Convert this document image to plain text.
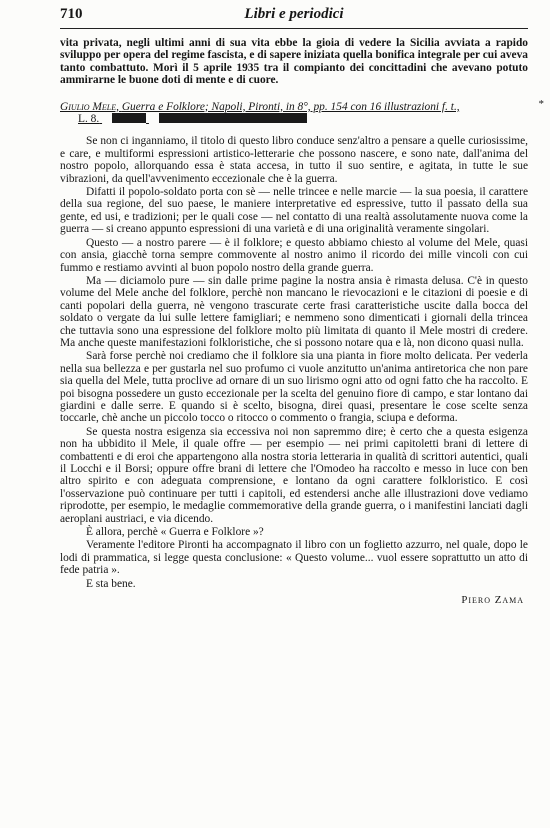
710	Libri e periodici

vita privata, negli ultimi anni di sua vita ebbe la gioia di vedere la Sicilia avviata a rapido sviluppo per opera del regime fascista, e di sapere iniziata quella bonifica integrale per cui aveva tanto combattuto. Morì il 5 aprile 1935 tra il compianto dei concittadini che avevano potuto ammirarne le buone doti di mente e di cuore.

*
Giulio Mele, Guerra e Folklore; Napoli, Pironti, in 8°, pp. 154 con 16 illustrazioni f. t.,
L. 8.

Se non ci inganniamo, il titolo di questo libro conduce senz'altro a pensare a quelle curiosissime, e care, e multiformi espressioni artistico-letterarie che possono nascere, e sono nate, dall'anima del nostro popolo, allorquando essa è stata accesa, in tutto il suo sentire, e agitata, in tutte le sue vibrazioni, da quell'avvenimento eccezionale che è la guerra.

Difatti il popolo-soldato porta con sè — nelle trincee e nelle marcie — la sua poesia, il carattere della sua regione, del suo paese, le maniere interpretative ed espressive, tutto il passato della sua gente, ed usi, e tradizioni; per le quali cose — nel contatto di una realtà assolutamente nuova come la guerra — si creano appunto espressioni di una varietà e di una originalità veramente singolari.

Questo — a nostro parere — è il folklore; e questo abbiamo chiesto al volume del Mele, quasi con ansia, giacchè torna sempre commovente al nostro animo il ricordo dei mille vincoli con cui fummo e restiamo avvinti al buon popolo nostro della grande guerra.

Ma — diciamolo pure — sin dalle prime pagine la nostra ansia è rimasta delusa. C'è in questo volume del Mele anche del folklore, perchè non mancano le rievocazioni e le citazioni di poesie e di canti popolari della guerra, nè vengono trascurate certe frasi caratteristiche uscite dalla bocca del soldato o vergate da lui sulle lettere famigliari; e nemmeno sono dimenticati i giornali della trincea che tuttavia sono una espressione del folklore molto più limitata di quanto il Mele mostri di credere. Ma anche queste manifestazioni folkloristiche, che si possono notare qua e là, non dicono quasi nulla.

Sarà forse perchè noi crediamo che il folklore sia una pianta in fiore molto delicata. Per vederla nella sua bellezza e per gustarla nel suo profumo ci vuole anzitutto un'anima antiretorica che non pare sia quella del Mele, tutta proclive ad ornare di un suo lirismo ogni atto od ogni fatto che ha raccolto. E poi bisogna possedere un gusto eccezionale per la scelta del genuino fiore di campo, e star lontano dai giardini e dalle serre. E quando si è scelto, bisogna, direi quasi, presentare le cose scelte senza toccarle, chè anche un piccolo tocco o ritocco o commento o frangia, sciupa e deforma.

Se questa nostra esigenza sia eccessiva noi non sapremmo dire; è certo che a questa esigenza non ha ubbidito il Mele, il quale offre — per esempio — nei primi capitoletti brani di lettere di combattenti e di eroi che appartengono alla nostra storia letteraria in qualità di scrittori autentici, quali il Locchi e il Borsi; oppure offre brani di lettere che l'Omodeo ha raccolto e messo in luce con ben altro spirito e con adeguata comprensione, e lontano da ogni carattere folkloristico. E così l'osservazione può continuare per tutti i capitoli, ed estendersi anche alle illustrazioni dove vediamo riprodotte, per esempio, le medaglie commemorative della grande guerra, o i manifestini lanciati dagli aeroplani austriaci, e via dicendo.

È allora, perchè « Guerra e Folklore »?

Veramente l'editore Pironti ha accompagnato il libro con un foglietto azzurro, nel quale, dopo le lodi di prammatica, si legge questa conclusione: « Questo volume... vuol essere soprattutto un atto di fede patria ».

E sta bene.

Piero Zama
